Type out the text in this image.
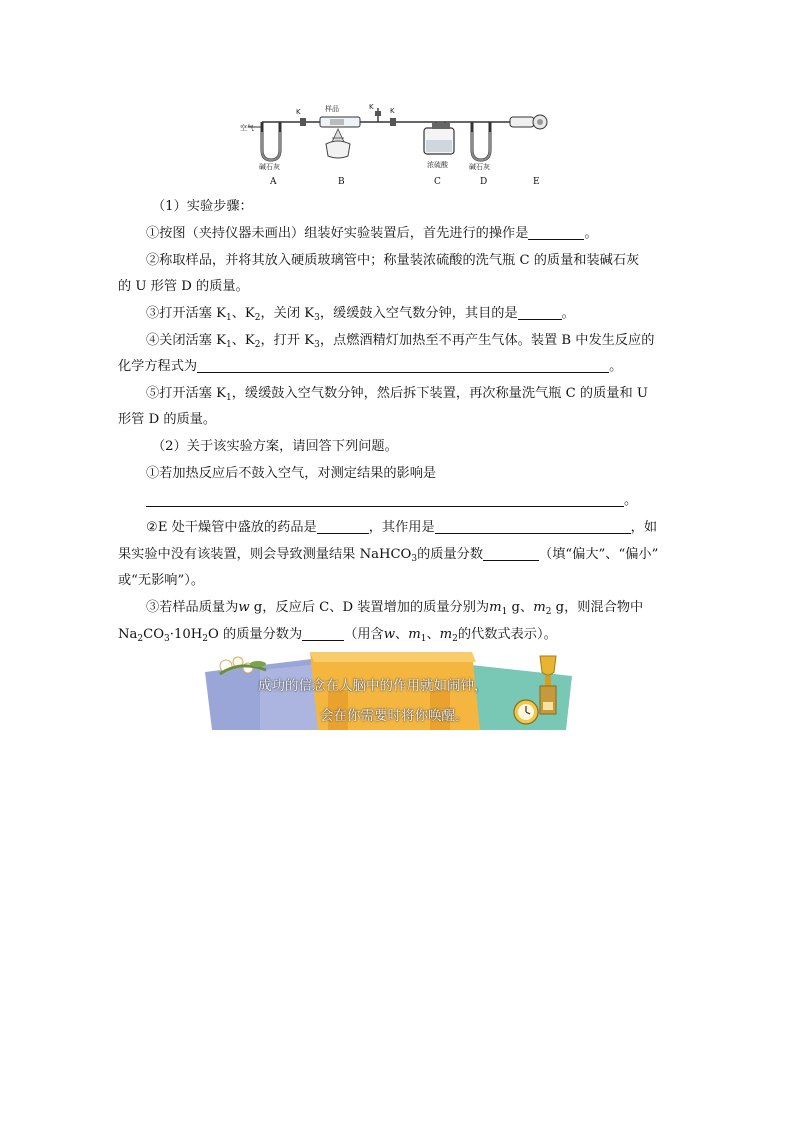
空气
K	样品	K K
碱石灰	浓硫酸	碱石灰
A	B	C	D	E
（1）实验步骤：
①按图（夹持仪器未画出）组装好实验装置后，首先进行的操作是	。
②称取样品，并将其放入硬质玻璃管中；称量装浓硫酸的洗气瓶 C 的质量和装碱石灰
的 U 形管 D 的质量。
③打开活塞 $K_1$、$K_2$，关闭 $K_3$，缓缓鼓入空气数分钟，其目的是	。
④关闭活塞 $K_1$、$K_2$，打开 $K_3$，点燃酒精灯加热至不再产生气体。装置 B 中发生反应的
化学方程式为	。
⑤打开活塞 $K_1$，缓缓鼓入空气数分钟，然后拆下装置，再次称量洗气瓶 C 的质量和 U
形管 D 的质量。
（2）关于该实验方案，请回答下列问题。
①若加热反应后不鼓入空气，对测定结果的影响是
。
②E 处干燥管中盛放的药品是	，其作用是	，如
果实验中没有该装置，则会导致测量结果 NaHCO$_3$的质量分数	（填“偏大”、“偏小”
或“无影响”）。
③若样品质量为w g，反应后 C、D 装置增加的质量分别为$m_1$ g、$m_2$ g，则混合物中
$Na_2CO_3\cdot 10H_2O$ 的质量分数为	（用含w、$m_1$、$m_2$的代数式表示）。
成功的信念在人脑中的作用就如闹钟，
会在你需要时将你唤醒。
